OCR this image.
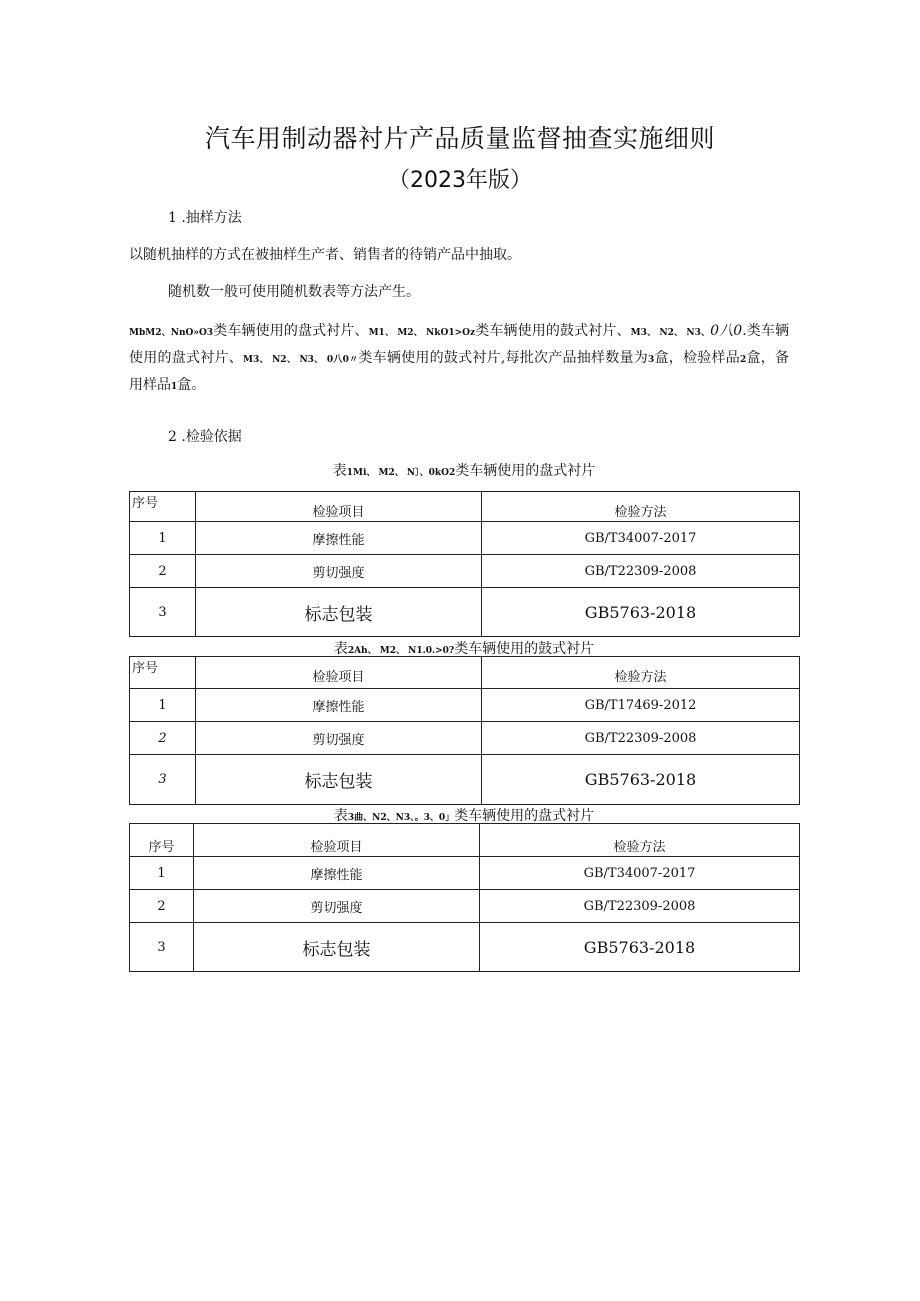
汽车用制动器衬片产品质量监督抽查实施细则
（2023年版）
1 .抽样方法
以随机抽样的方式在被抽样生产者、销售者的待销产品中抽取。
随机数一般可使用随机数表等方法产生。
MbM2、NnO»O3类车辆使用的盘式衬片、M1、 M2、 NkO1>Oz类车辆使用的鼓式衬片、M3、 N2、 N3、0八0.类车辆使用的盘式衬片、M3、 N2、 N3、 0八0〃类车辆使用的鼓式衬片,每批次产品抽样数量为3盒，检验样品2盒，备用样品1盒。
2 .检验依据
表1Mi、 M2、 N〕、0kO2类车辆使用的盘式衬片
序号	检验项目	检验方法
1	摩擦性能	GB/T34007-2017
2	剪切强度	GB/T22309-2008
3	标志包装	GB5763-2018
表2Ah、 M2、 N1.0.>0?类车辆使用的鼓式衬片
序号	检验项目	检验方法
1	摩擦性能	GB/T17469-2012
2	剪切强度	GB/T22309-2008
3	标志包装	GB5763-2018
表3曲、N2、N3、。3、0」类车辆使用的盘式衬片
序号	检验项目	检验方法
1	摩擦性能	GB/T34007-2017
2	剪切强度	GB/T22309-2008
3	标志包装	GB5763-2018
